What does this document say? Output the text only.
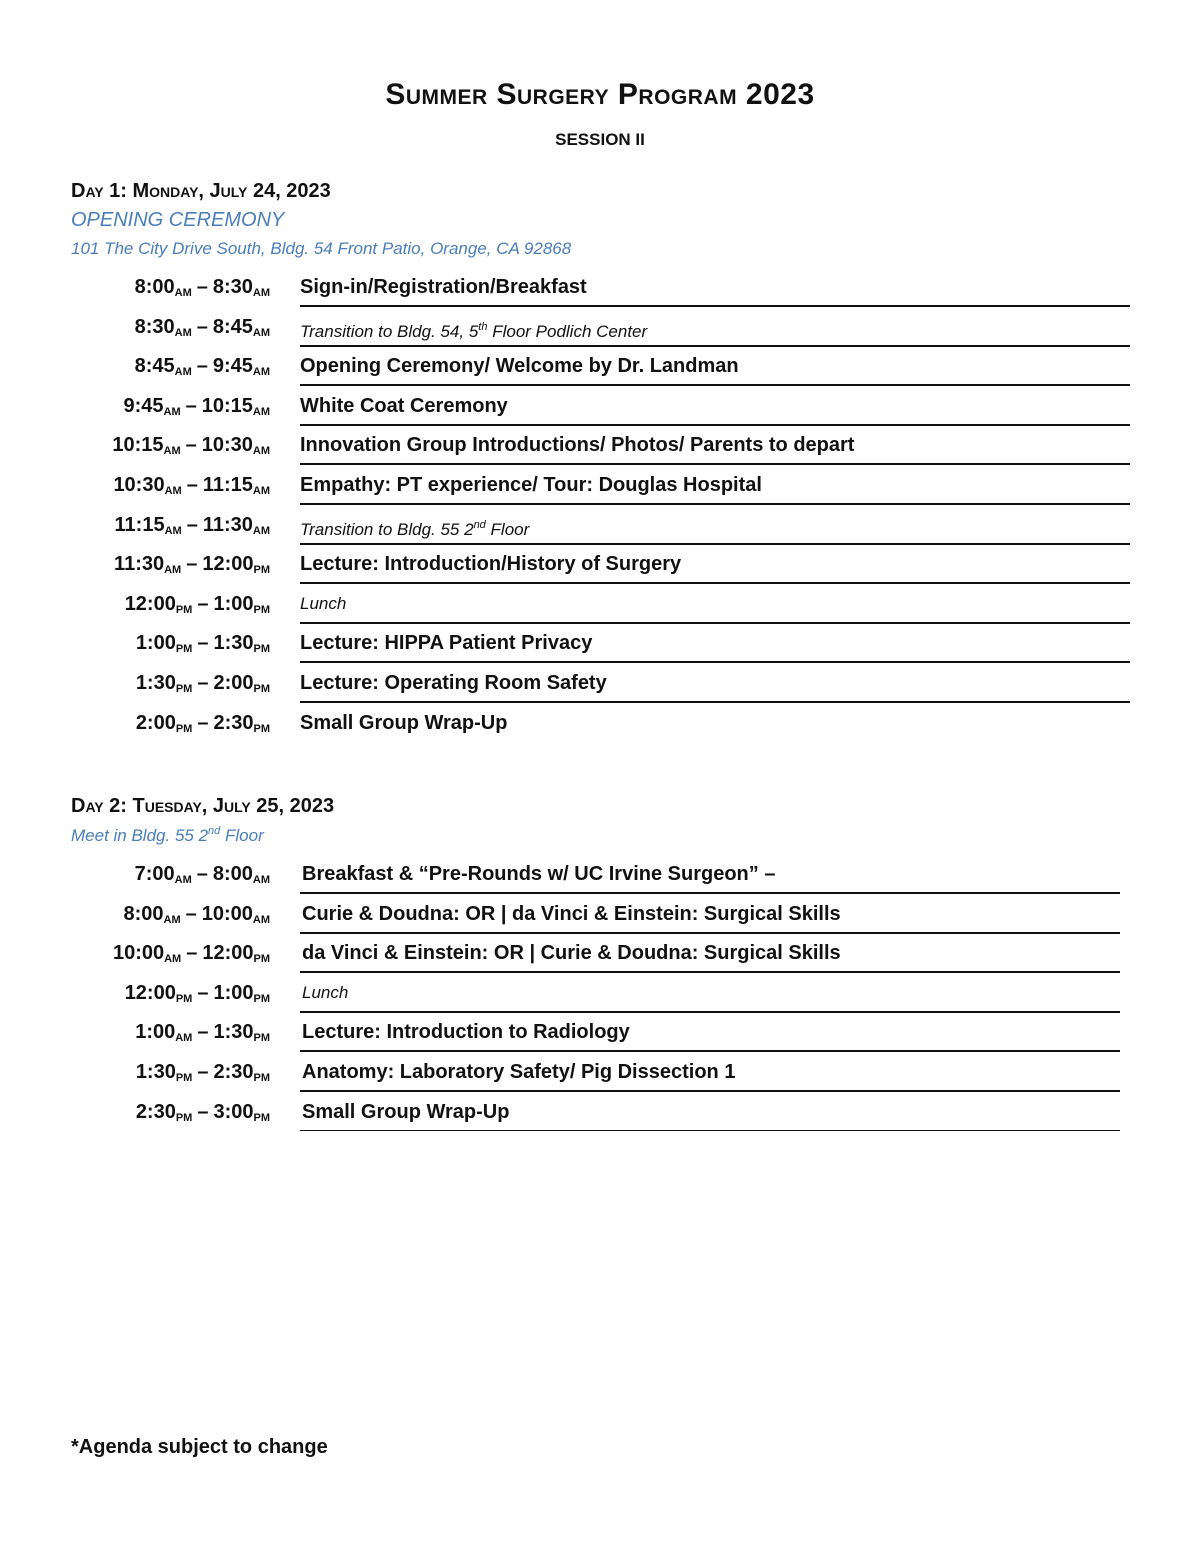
Summer Surgery Program 2023
SESSION II
Day 1: Monday, July 24, 2023
OPENING CEREMONY
101 The City Drive South, Bldg. 54 Front Patio, Orange, CA 92868
$8:00_{AM}$ – $8:30_{AM}$ Sign-in/Registration/Breakfast
$8:30_{AM}$ – $8:45_{AM}$ Transition to Bldg. 54, 5th Floor Podlich Center
$8:45_{AM}$ – $9:45_{AM}$ Opening Ceremony/ Welcome by Dr. Landman
$9:45_{AM}$ – $10:15_{AM}$ White Coat Ceremony
$10:15_{AM}$ – $10:30_{AM}$ Innovation Group Introductions/ Photos/ Parents to depart
$10:30_{AM}$ – $11:15_{AM}$ Empathy: PT experience/ Tour: Douglas Hospital
$11:15_{AM}$ – $11:30_{AM}$ Transition to Bldg. 55 2nd Floor
$11:30_{AM}$ – $12:00_{PM}$ Lecture: Introduction/History of Surgery
$12:00_{PM}$ – $1:00_{PM}$ Lunch
$1:00_{PM}$ – $1:30_{PM}$ Lecture: HIPPA Patient Privacy
$1:30_{PM}$ – $2:00_{PM}$ Lecture: Operating Room Safety
$2:00_{PM}$ – $2:30_{PM}$ Small Group Wrap-Up
Day 2: Tuesday, July 25, 2023
Meet in Bldg. 55 2nd Floor
$7:00_{AM}$ – $8:00_{AM}$ Breakfast & “Pre-Rounds w/ UC Irvine Surgeon” –
$8:00_{AM}$ – $10:00_{AM}$ Curie & Doudna: OR | da Vinci & Einstein: Surgical Skills
$10:00_{AM}$ – $12:00_{PM}$ da Vinci & Einstein: OR | Curie & Doudna: Surgical Skills
$12:00_{PM}$ – $1:00_{PM}$ Lunch
$1:00_{AM}$ – $1:30_{PM}$ Lecture: Introduction to Radiology
$1:30_{PM}$ – $2:30_{PM}$ Anatomy: Laboratory Safety/ Pig Dissection 1
$2:30_{PM}$ – $3:00_{PM}$ Small Group Wrap-Up
*Agenda subject to change
